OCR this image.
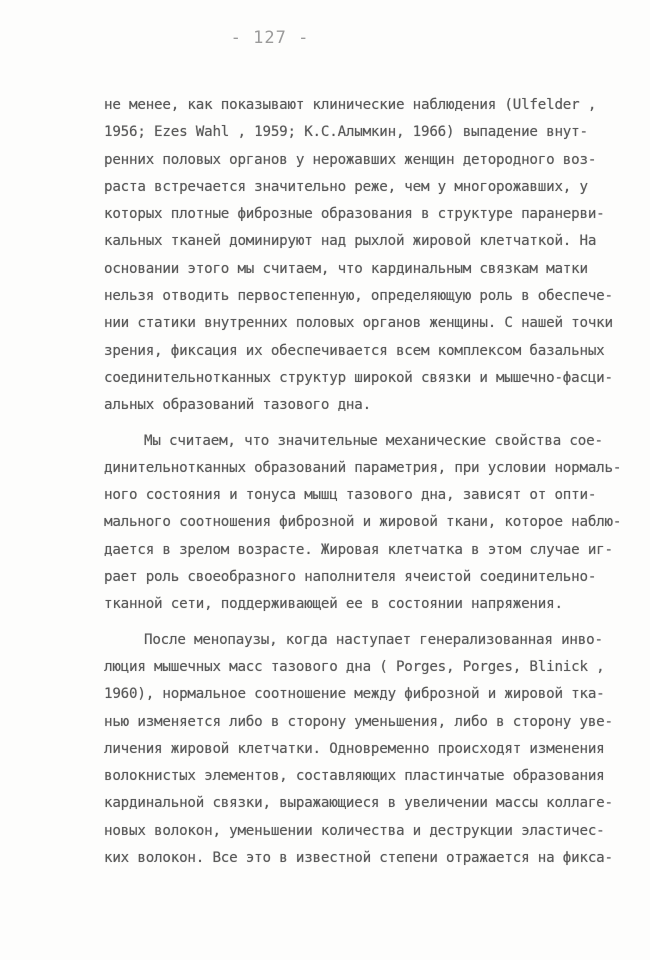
- 127 -
не менее, как показывают клинические наблюдения (Ulfelder ,
1956; Ezes Wahl , 1959; К.С.Алымкин, 1966) выпадение внут-
ренних половых органов у нерожавших женщин детородного воз-
раста встречается значительно реже, чем у многорожавших, у
которых плотные фиброзные образования в структуре паранерви-
кальных тканей доминируют над рыхлой жировой клетчаткой. На
основании этого мы считаем, что кардинальным связкам матки
нельзя отводить первостепенную, определяющую роль в обеспече-
нии статики внутренних половых органов женщины. С нашей точки
зрения, фиксация их обеспечивается всем комплексом базальных
соединительнотканных структур широкой связки и мышечно-фасци-
альных образований тазового дна.
Мы считаем, что значительные механические свойства сое-
динительнотканных образований параметрия, при условии нормаль-
ного состояния и тонуса мышц тазового дна, зависят от опти-
мального соотношения фиброзной и жировой ткани, которое наблю-
дается в зрелом возрасте. Жировая клетчатка в этом случае иг-
рает роль своеобразного наполнителя ячеистой соединительно-
тканной сети, поддерживающей ее в состоянии напряжения.
После менопаузы, когда наступает генерализованная инво-
люция мышечных масс тазового дна ( Porges, Porges, Blinick ,
1960), нормальное соотношение между фиброзной и жировой тка-
нью изменяется либо в сторону уменьшения, либо в сторону уве-
личения жировой клетчатки. Одновременно происходят изменения
волокнистых элементов, составляющих пластинчатые образования
кардинальной связки, выражающиеся в увеличении массы коллаге-
новых волокон, уменьшении количества и деструкции эластичес-
ких волокон. Все это в известной степени отражается на фикса-
